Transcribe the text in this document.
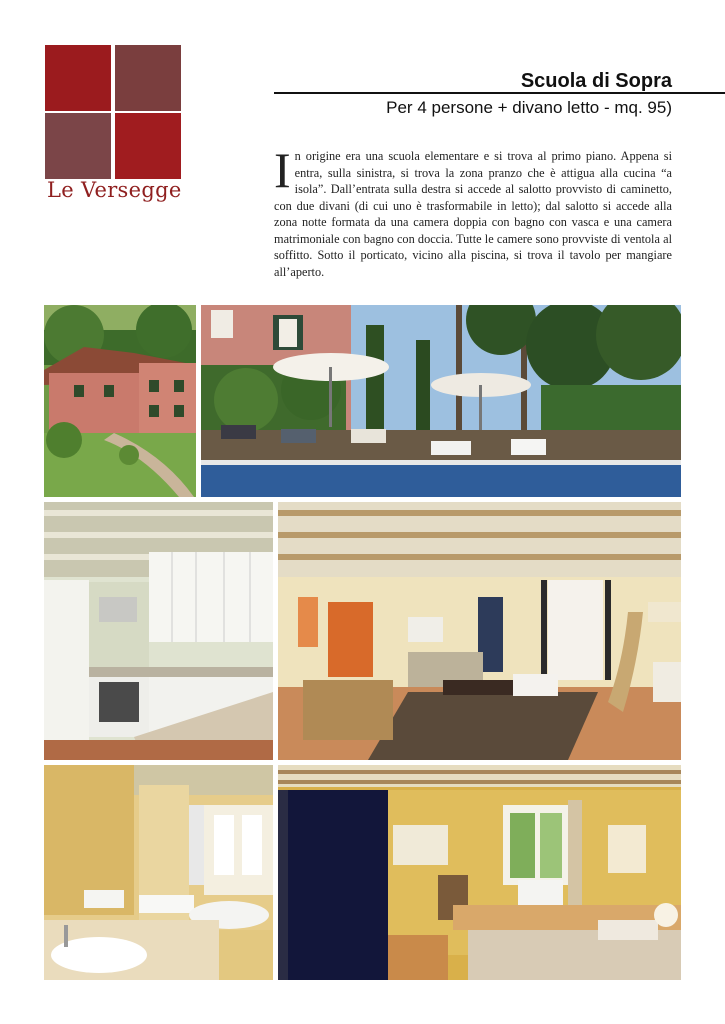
Le Versegge
Scuola di Sopra
Per 4 persone + divano letto - mq. 95)
In origine era una scuola elementare e si trova al primo piano. Appena si entra, sulla sinistra, si trova la zona pranzo che è attigua alla cucina “a isola”. Dall’entrata sulla destra si accede al salotto provvisto di caminetto, con due divani (di cui uno è trasformabile in letto); dal salotto si accede alla zona notte formata da una camera doppia con bagno con vasca e una camera matrimoniale con bagno con doccia. Tutte le camere sono provviste di ventola al soffitto. Sotto il porticato, vicino alla piscina, si trova il tavolo per mangiare all’aperto.
